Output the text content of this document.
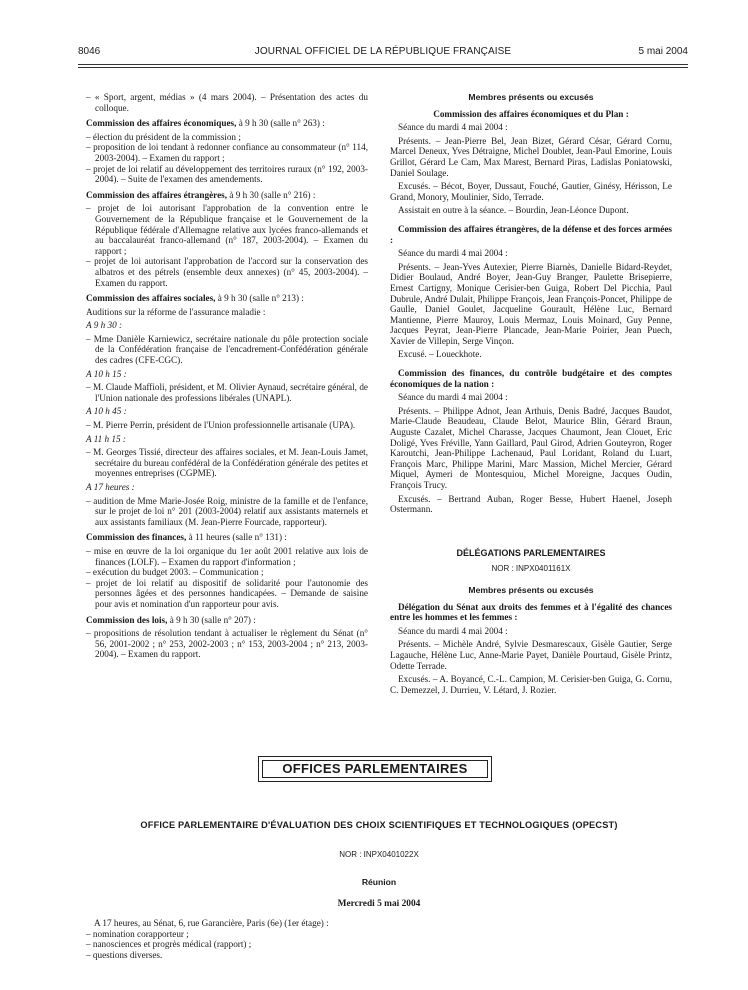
8046	JOURNAL OFFICIEL DE LA RÉPUBLIQUE FRANÇAISE	5 mai 2004

– « Sport, argent, médias » (4 mars 2004). – Présentation des actes du colloque.

Commission des affaires économiques, à 9 h 30 (salle n° 263) :

– élection du président de la commission ;

– proposition de loi tendant à redonner confiance au consommateur (n° 114, 2003-2004). – Examen du rapport ;

– projet de loi relatif au développement des territoires ruraux (n° 192, 2003-2004). – Suite de l'examen des amendements.

Commission des affaires étrangères, à 9 h 30 (salle n° 216) :

– projet de loi autorisant l'approbation de la convention entre le Gouvernement de la République française et le Gouvernement de la République fédérale d'Allemagne relative aux lycées franco-allemands et au baccalauréat franco-allemand (n° 187, 2003-2004). – Examen du rapport ;

– projet de loi autorisant l'approbation de l'accord sur la conservation des albatros et des pétrels (ensemble deux annexes) (n° 45, 2003-2004). – Examen du rapport.

Commission des affaires sociales, à 9 h 30 (salle n° 213) :

Auditions sur la réforme de l'assurance maladie :

A 9 h 30 :

– Mme Danièle Karniewicz, secrétaire nationale du pôle protection sociale de la Confédération française de l'encadrement-Confédération générale des cadres (CFE-CGC).

A 10 h 15 :

– M. Claude Maffioli, président, et M. Olivier Aynaud, secrétaire général, de l'Union nationale des professions libérales (UNAPL).

A 10 h 45 :

– M. Pierre Perrin, président de l'Union professionnelle artisanale (UPA).

A 11 h 15 :

– M. Georges Tissié, directeur des affaires sociales, et M. Jean-Louis Jamet, secrétaire du bureau confédéral de la Confédération générale des petites et moyennes entreprises (CGPME).

A 17 heures :

– audition de Mme Marie-Josée Roig, ministre de la famille et de l'enfance, sur le projet de loi n° 201 (2003-2004) relatif aux assistants maternels et aux assistants familiaux (M. Jean-Pierre Fourcade, rapporteur).

Commission des finances, à 11 heures (salle n° 131) :

– mise en œuvre de la loi organique du 1er août 2001 relative aux lois de finances (LOLF). – Examen du rapport d'information ;

– exécution du budget 2003. – Communication ;

– projet de loi relatif au dispositif de solidarité pour l'autonomie des personnes âgées et des personnes handicapées. – Demande de saisine pour avis et nomination d'un rapporteur pour avis.

Commission des lois, à 9 h 30 (salle n° 207) :

– propositions de résolution tendant à actualiser le règlement du Sénat (n° 56, 2001-2002 ; n° 253, 2002-2003 ; n° 153, 2003-2004 ; n° 213, 2003-2004). – Examen du rapport.

Membres présents ou excusés

Commission des affaires économiques et du Plan :

Séance du mardi 4 mai 2004 :

Présents. – Jean-Pierre Bel, Jean Bizet, Gérard César, Gérard Cornu, Marcel Deneux, Yves Détraigne, Michel Doublet, Jean-Paul Emorine, Louis Grillot, Gérard Le Cam, Max Marest, Bernard Piras, Ladislas Poniatowski, Daniel Soulage.

Excusés. – Bécot, Boyer, Dussaut, Fouché, Gautier, Ginésy, Hérisson, Le Grand, Monory, Moulinier, Sido, Terrade.

Assistait en outre à la séance. – Bourdin, Jean-Léonce Dupont.

Commission des affaires étrangères, de la défense et des forces armées :

Séance du mardi 4 mai 2004 :

Présents. – Jean-Yves Autexier, Pierre Biarnès, Danielle Bidard-Reydet, Didier Boulaud, André Boyer, Jean-Guy Branger, Paulette Brisepierre, Ernest Cartigny, Monique Cerisier-ben Guiga, Robert Del Picchia, Paul Dubrule, André Dulait, Philippe François, Jean François-Poncet, Philippe de Gaulle, Daniel Goulet, Jacqueline Gourault, Hélène Luc, Bernard Mantienne, Pierre Mauroy, Louis Mermaz, Louis Moinard, Guy Penne, Jacques Peyrat, Jean-Pierre Plancade, Jean-Marie Poirier, Jean Puech, Xavier de Villepin, Serge Vinçon.

Excusé. – Loueckhote.

Commission des finances, du contrôle budgétaire et des comptes économiques de la nation :

Séance du mardi 4 mai 2004 :

Présents. – Philippe Adnot, Jean Arthuis, Denis Badré, Jacques Baudot, Marie-Claude Beaudeau, Claude Belot, Maurice Blin, Gérard Braun, Auguste Cazalet, Michel Charasse, Jacques Chaumont, Jean Clouet, Eric Doligé, Yves Fréville, Yann Gaillard, Paul Girod, Adrien Gouteyron, Roger Karoutchi, Jean-Philippe Lachenaud, Paul Loridant, Roland du Luart, François Marc, Philippe Marini, Marc Massion, Michel Mercier, Gérard Miquel, Aymeri de Montesquiou, Michel Moreigne, Jacques Oudin, François Trucy.

Excusés. – Bertrand Auban, Roger Besse, Hubert Haenel, Joseph Ostermann.

DÉLÉGATIONS PARLEMENTAIRES

NOR : INPX0401161X

Membres présents ou excusés

Délégation du Sénat aux droits des femmes et à l'égalité des chances entre les hommes et les femmes :

Séance du mardi 4 mai 2004 :

Présents. – Michèle André, Sylvie Desmarescaux, Gisèle Gautier, Serge Lagauche, Hélène Luc, Anne-Marie Payet, Danièle Pourtaud, Gisèle Printz, Odette Terrade.

Excusés. – A. Boyancé, C.-L. Campion, M. Cerisier-ben Guiga, G. Cornu, C. Demezzel, J. Durrieu, V. Létard, J. Rozier.

OFFICES PARLEMENTAIRES
OFFICE PARLEMENTAIRE D'ÉVALUATION DES CHOIX SCIENTIFIQUES ET TECHNOLOGIQUES (OPECST)
NOR : INPX0401022X
Réunion
Mercredi 5 mai 2004

A 17 heures, au Sénat, 6, rue Garancière, Paris (6e) (1er étage) :

– nomination corapporteur ;

– nanosciences et progrès médical (rapport) ;

– questions diverses.
